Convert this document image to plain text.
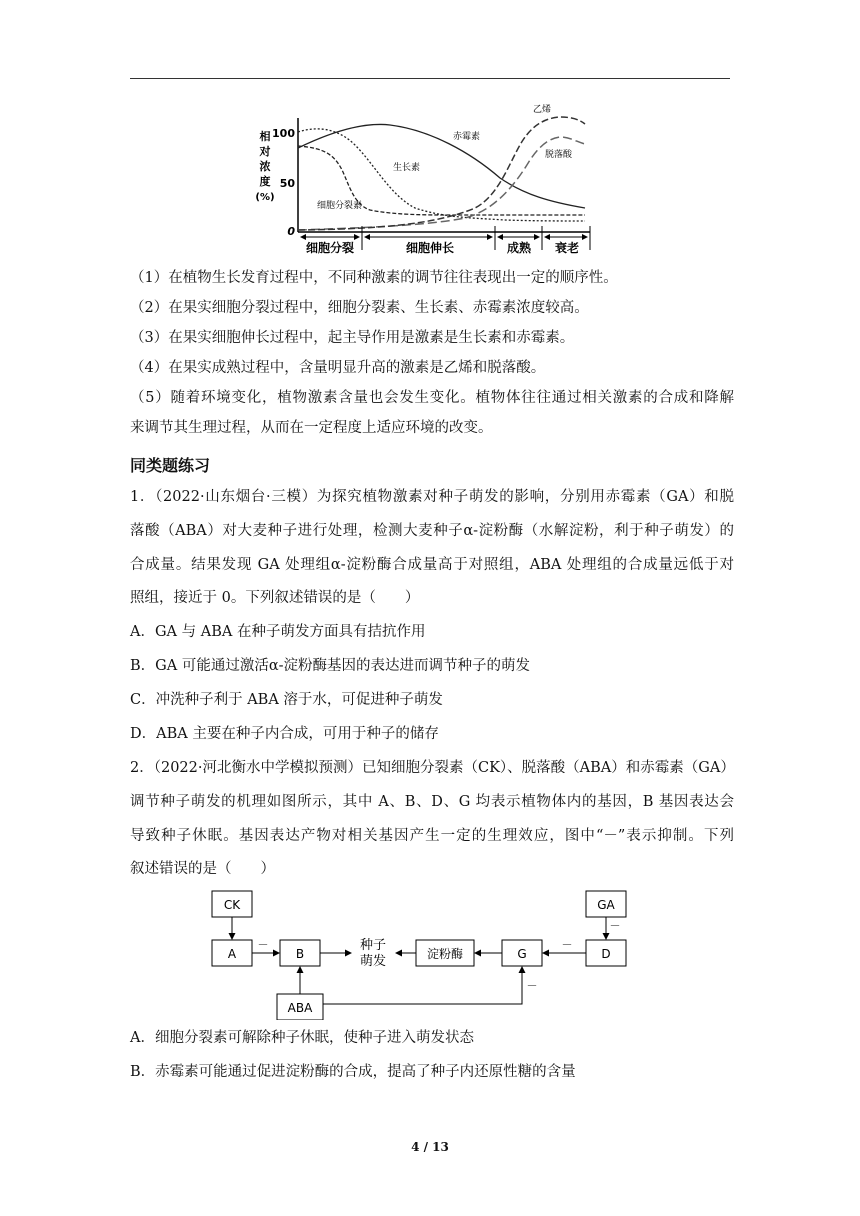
相
对
浓
度
(%)
100
50
0
赤霉素
生长素
细胞分裂素
乙烯
脱落酸
细胞分裂	细胞伸长	成熟 衰老
（1）在植物生长发育过程中，不同种激素的调节往往表现出一定的顺序性。
（2）在果实细胞分裂过程中，细胞分裂素、生长素、赤霉素浓度较高。
（3）在果实细胞伸长过程中，起主导作用是激素是生长素和赤霉素。
（4）在果实成熟过程中，含量明显升高的激素是乙烯和脱落酸。
（5）随着环境变化，植物激素含量也会发生变化。植物体往往通过相关激素的合成和降解
来调节其生理过程，从而在一定程度上适应环境的改变。
同类题练习
1．（2022·山东烟台·三模）为探究植物激素对种子萌发的影响，分别用赤霉素（GA）和脱
落酸（ABA）对大麦种子进行处理，检测大麦种子α-淀粉酶（水解淀粉，利于种子萌发）的
合成量。结果发现 GA 处理组α-淀粉酶合成量高于对照组，ABA 处理组的合成量远低于对
照组，接近于 0。下列叙述错误的是（　　）
A．GA 与 ABA 在种子萌发方面具有拮抗作用
B．GA 可能通过激活α-淀粉酶基因的表达进而调节种子的萌发
C．冲洗种子利于 ABA 溶于水，可促进种子萌发
D．ABA 主要在种子内合成，可用于种子的储存
2．（2022·河北衡水中学模拟预测）已知细胞分裂素（CK）、脱落酸（ABA）和赤霉素（GA）
调节种子萌发的机理如图所示，其中 A、B、D、G 均表示植物体内的基因，B 基因表达会
导致种子休眠。基因表达产物对相关基因产生一定的生理效应，图中“－”表示抑制。下列
叙述错误的是（　　）
CK
A	B	淀粉酶	G	D
GA
ABA
种子
萌发
－	－
－
－
A．细胞分裂素可解除种子休眠，使种子进入萌发状态
B．赤霉素可能通过促进淀粉酶的合成，提高了种子内还原性糖的含量
4 / 13
